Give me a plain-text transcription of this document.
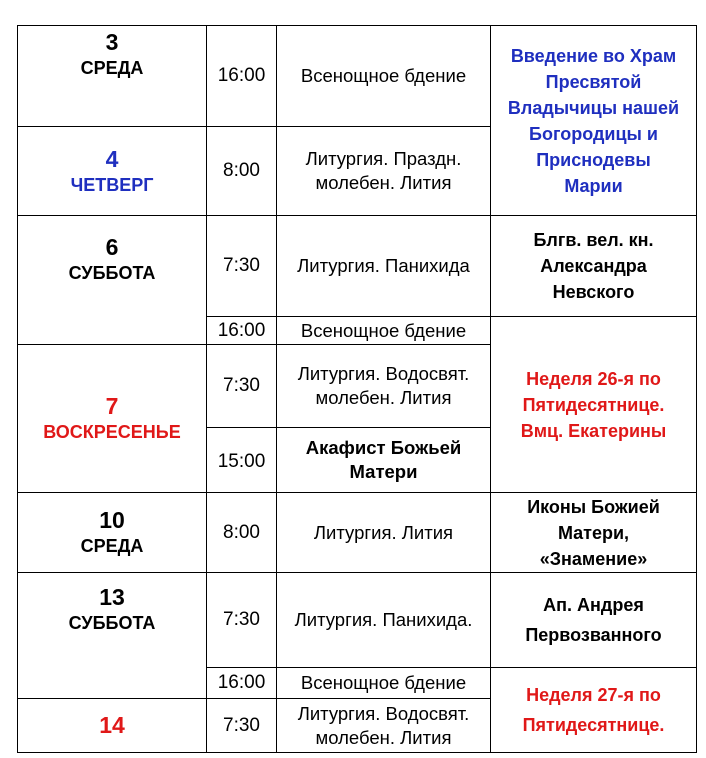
3
СРЕДА
4
ЧЕТВЕРГ
6
СУББОТА
7
ВОСКРЕСЕНЬЕ
10
СРЕДА
13
СУББОТА
14
16:00
8:00
7:30
16:00
7:30
15:00
8:00
7:30
16:00
7:30
Всенощное бдение
Литургия. Праздн. молебен. Лития
Литургия. Панихида
Всенощное бдение
Литургия. Водосвят. молебен. Лития
Акафист Божьей Матери
Литургия. Лития
Литургия. Панихида.
Всенощное бдение
Литургия. Водосвят. молебен. Лития
Введение во Храм
Пресвятой
Владычицы нашей
Богородицы и
Приснодевы
Марии
Блгв. вел. кн.
Александра
Невского
Неделя 26-я по
Пятидесятнице.
Вмц. Екатерины
Иконы Божией
Матери,
«Знамение»
Ап. Андрея
Первозванного
Неделя 27-я по
Пятидесятнице.
